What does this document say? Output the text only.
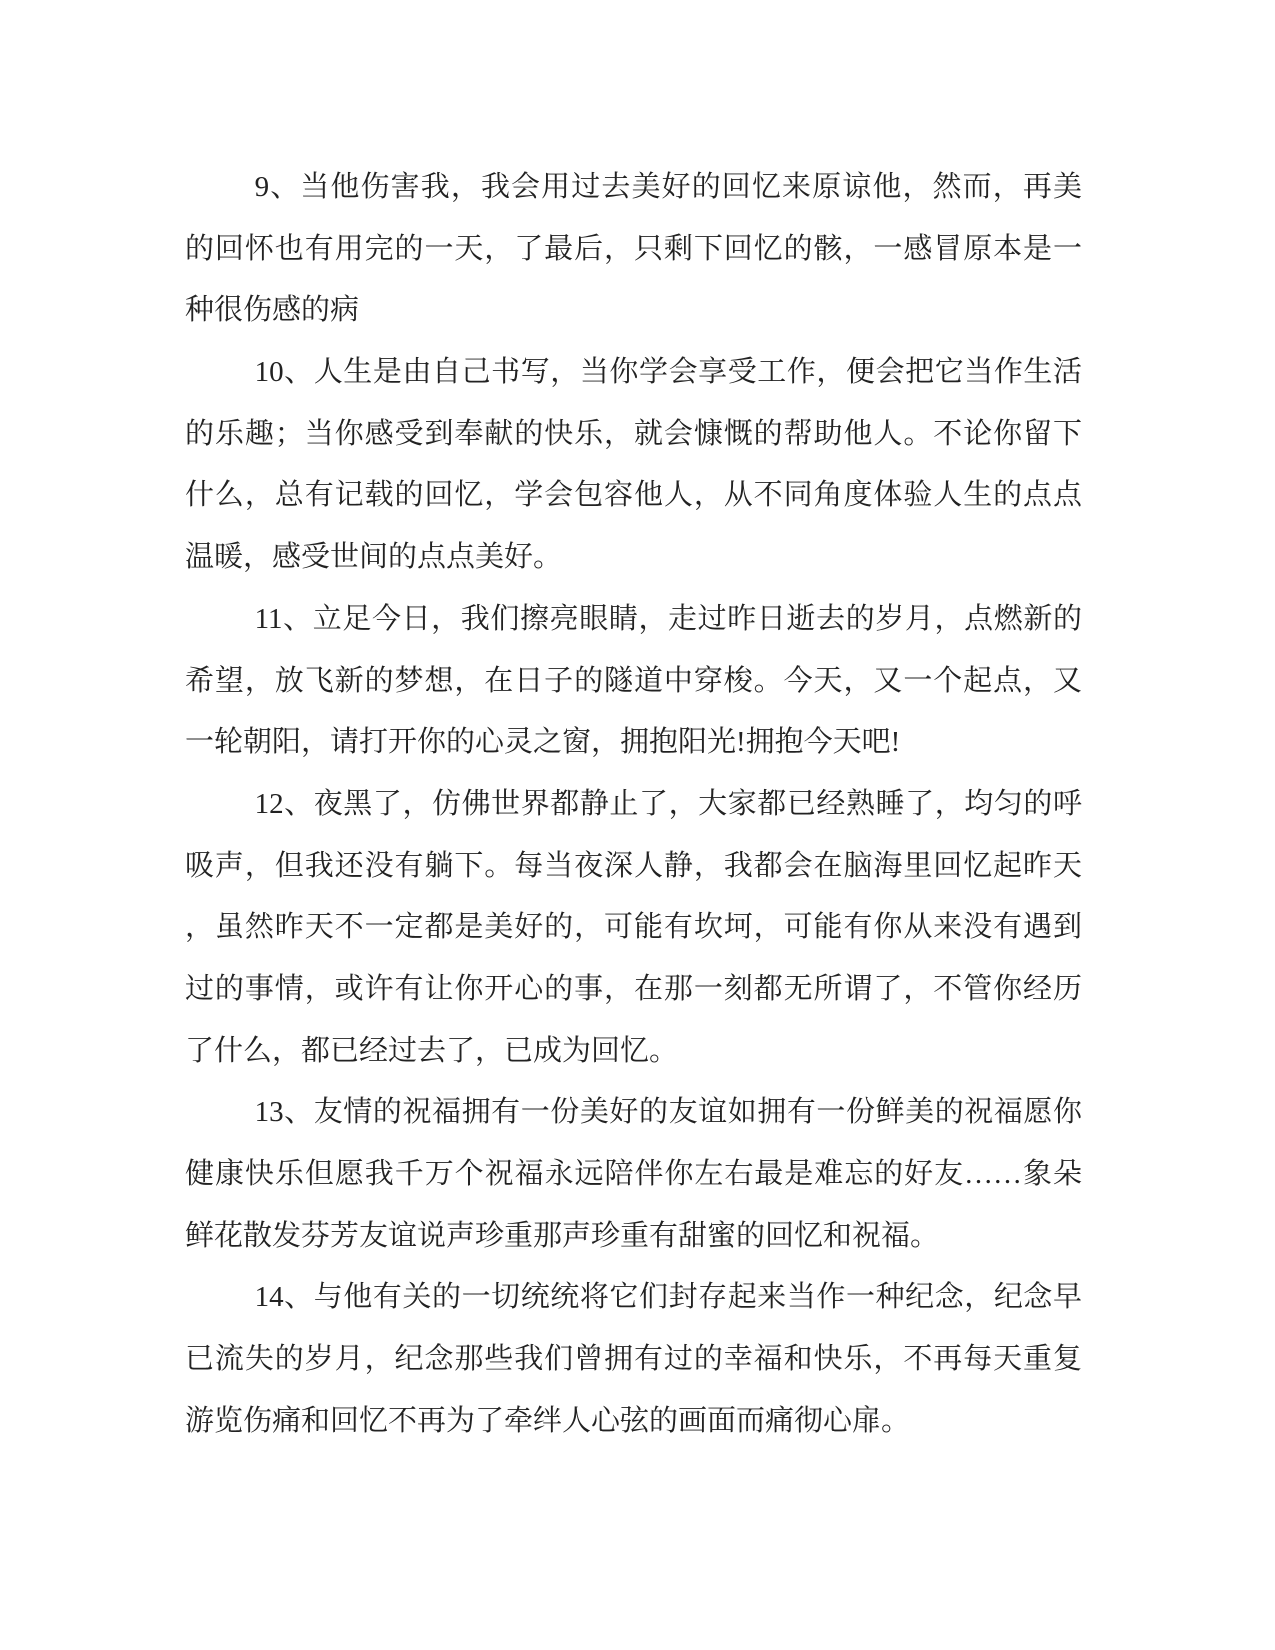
9、当他伤害我，我会用过去美好的回忆来原谅他，然而，再美
的回怀也有用完的一天，了最后，只剩下回忆的骸，一感冒原本是一
种很伤感的病
10、人生是由自己书写，当你学会享受工作，便会把它当作生活
的乐趣；当你感受到奉献的快乐，就会慷慨的帮助他人。不论你留下
什么，总有记载的回忆，学会包容他人，从不同角度体验人生的点点
温暖，感受世间的点点美好。
11、立足今日，我们擦亮眼睛，走过昨日逝去的岁月，点燃新的
希望，放飞新的梦想，在日子的隧道中穿梭。今天，又一个起点，又
一轮朝阳，请打开你的心灵之窗，拥抱阳光!拥抱今天吧!
12、夜黑了，仿佛世界都静止了，大家都已经熟睡了，均匀的呼
吸声，但我还没有躺下。每当夜深人静，我都会在脑海里回忆起昨天
，虽然昨天不一定都是美好的，可能有坎坷，可能有你从来没有遇到
过的事情，或许有让你开心的事，在那一刻都无所谓了，不管你经历
了什么，都已经过去了，已成为回忆。
13、友情的祝福拥有一份美好的友谊如拥有一份鲜美的祝福愿你
健康快乐但愿我千万个祝福永远陪伴你左右最是难忘的好友……象朵
鲜花散发芬芳友谊说声珍重那声珍重有甜蜜的回忆和祝福。
14、与他有关的一切统统将它们封存起来当作一种纪念，纪念早
已流失的岁月，纪念那些我们曾拥有过的幸福和快乐，不再每天重复
游览伤痛和回忆不再为了牵绊人心弦的画面而痛彻心扉。
